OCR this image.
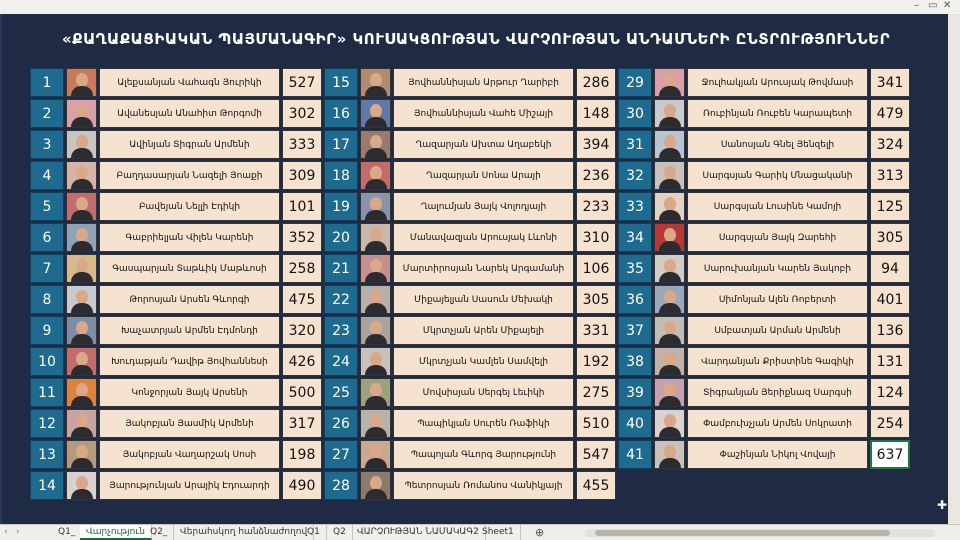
– ▭ ✕
«ՔԱՂԱՔԱՑԻԱԿԱՆ ՊԱՅՄԱՆԱԳԻՐ» ԿՈՒՍԱԿՑՈՒԹՅԱՆ ՎԱՐՉՈՒԹՅԱՆ ԱՆԴԱՄՆԵՐԻ ԸՆՏՐՈՒԹՅՈՒՆՆԵՐ
1	Ալեքսանյան Վահագն Յուրիկի	527
2	Ավանեսյան Անահիտ Թորգոմի	302
3	Ավինյան Տիգրան Արմենի	333
4	Բաղդասարյան Նազելի Յոաքի	309
5	Բավեյան Նելլի Էդիկի	101
6	Գաբրիելյան Վիլեն Կարենի	352
7	Գասպարյան Տաթևիկ Մաթևոսի	258
8	Թորոսյան Արսեն Գևորգի	475
9	Խաչատրյան Արմեն Էդմոնդի	320
10	Խուդաթյան Դավիթ Յովհաննեսի	426
11	Կոնջորյան Յայկ Արսենի	500
12	Յակոբյան Յասմիկ Արմենի	317
13	Յակոբյան Վաղարշակ Սոսի	198
14	Յարությունյան Արայիկ Էդուարդի	490
15	Յովհաննիսյան Արթուր Ղարիբի	286
16	Յովհաննիսյան Վահե Միշայի	148
17	Ղազարյան Ախտա Աղաբեկի	394
18	Ղազարյան Սոնա Արայի	236
19	Ղալումյան Յայկ Վոլոդյայի	233
20	Մանավազյան Արուսյակ Լևոնի	310
21	Մարտիրոսյան Նարեկ Արգամանի	106
22	Միքայելյան Սասուն Մեխակի	305
23	Մկրտչյան Արեն Միքայելի	331
24	Մկրտչյան Կամլեն Սամվելի	192
25	Մովսիսյան Սերգեյ Լեւիկի	275
26	Պապիկյան Սուրեն Ռաֆիկի	510
27	Պապոյան Գևորգ Յարությունի	547
28	Պետրոսյան Ռոմանոս Վանիկյայի	455
29	Ջուլհակյան Արուսյակ Թովմասի	341
30	Ռուբինյան Ռուբեն Կարապետի	479
31	Սանոսյան Գնել Յենզելի	324
32	Սարգսյան Գարիկ Մնացականի	313
33	Սարգսյան Լուսինե Կամոյի	125
34	Սարգսյան Յայկ Զարեհի	305
35	Սարուխանյան Կարեն Յակոբի	94
36	Սիմոնյան Ալեն Ռոբերտի	401
37	Սմբատյան Արման Արմենի	136
38	Վարդանյան Քրիստինե Գագիկի	131
39	Տիգրանյան Յերիքնազ Սարգսի	124
40	Փամբուխչյան Արմեն Սոկրատի	254
41	Փաշինյան Նիկոլ Վովայի	637
✚
‹ ›	Q1_	Վարչություն Q2_	Վերահսկող հանձնաժողով Q1	Q2	ՎԱՐՉՈՒԹՅԱՆ ՆԱՄԱԿԱԳ2 Sheet1	⊕
